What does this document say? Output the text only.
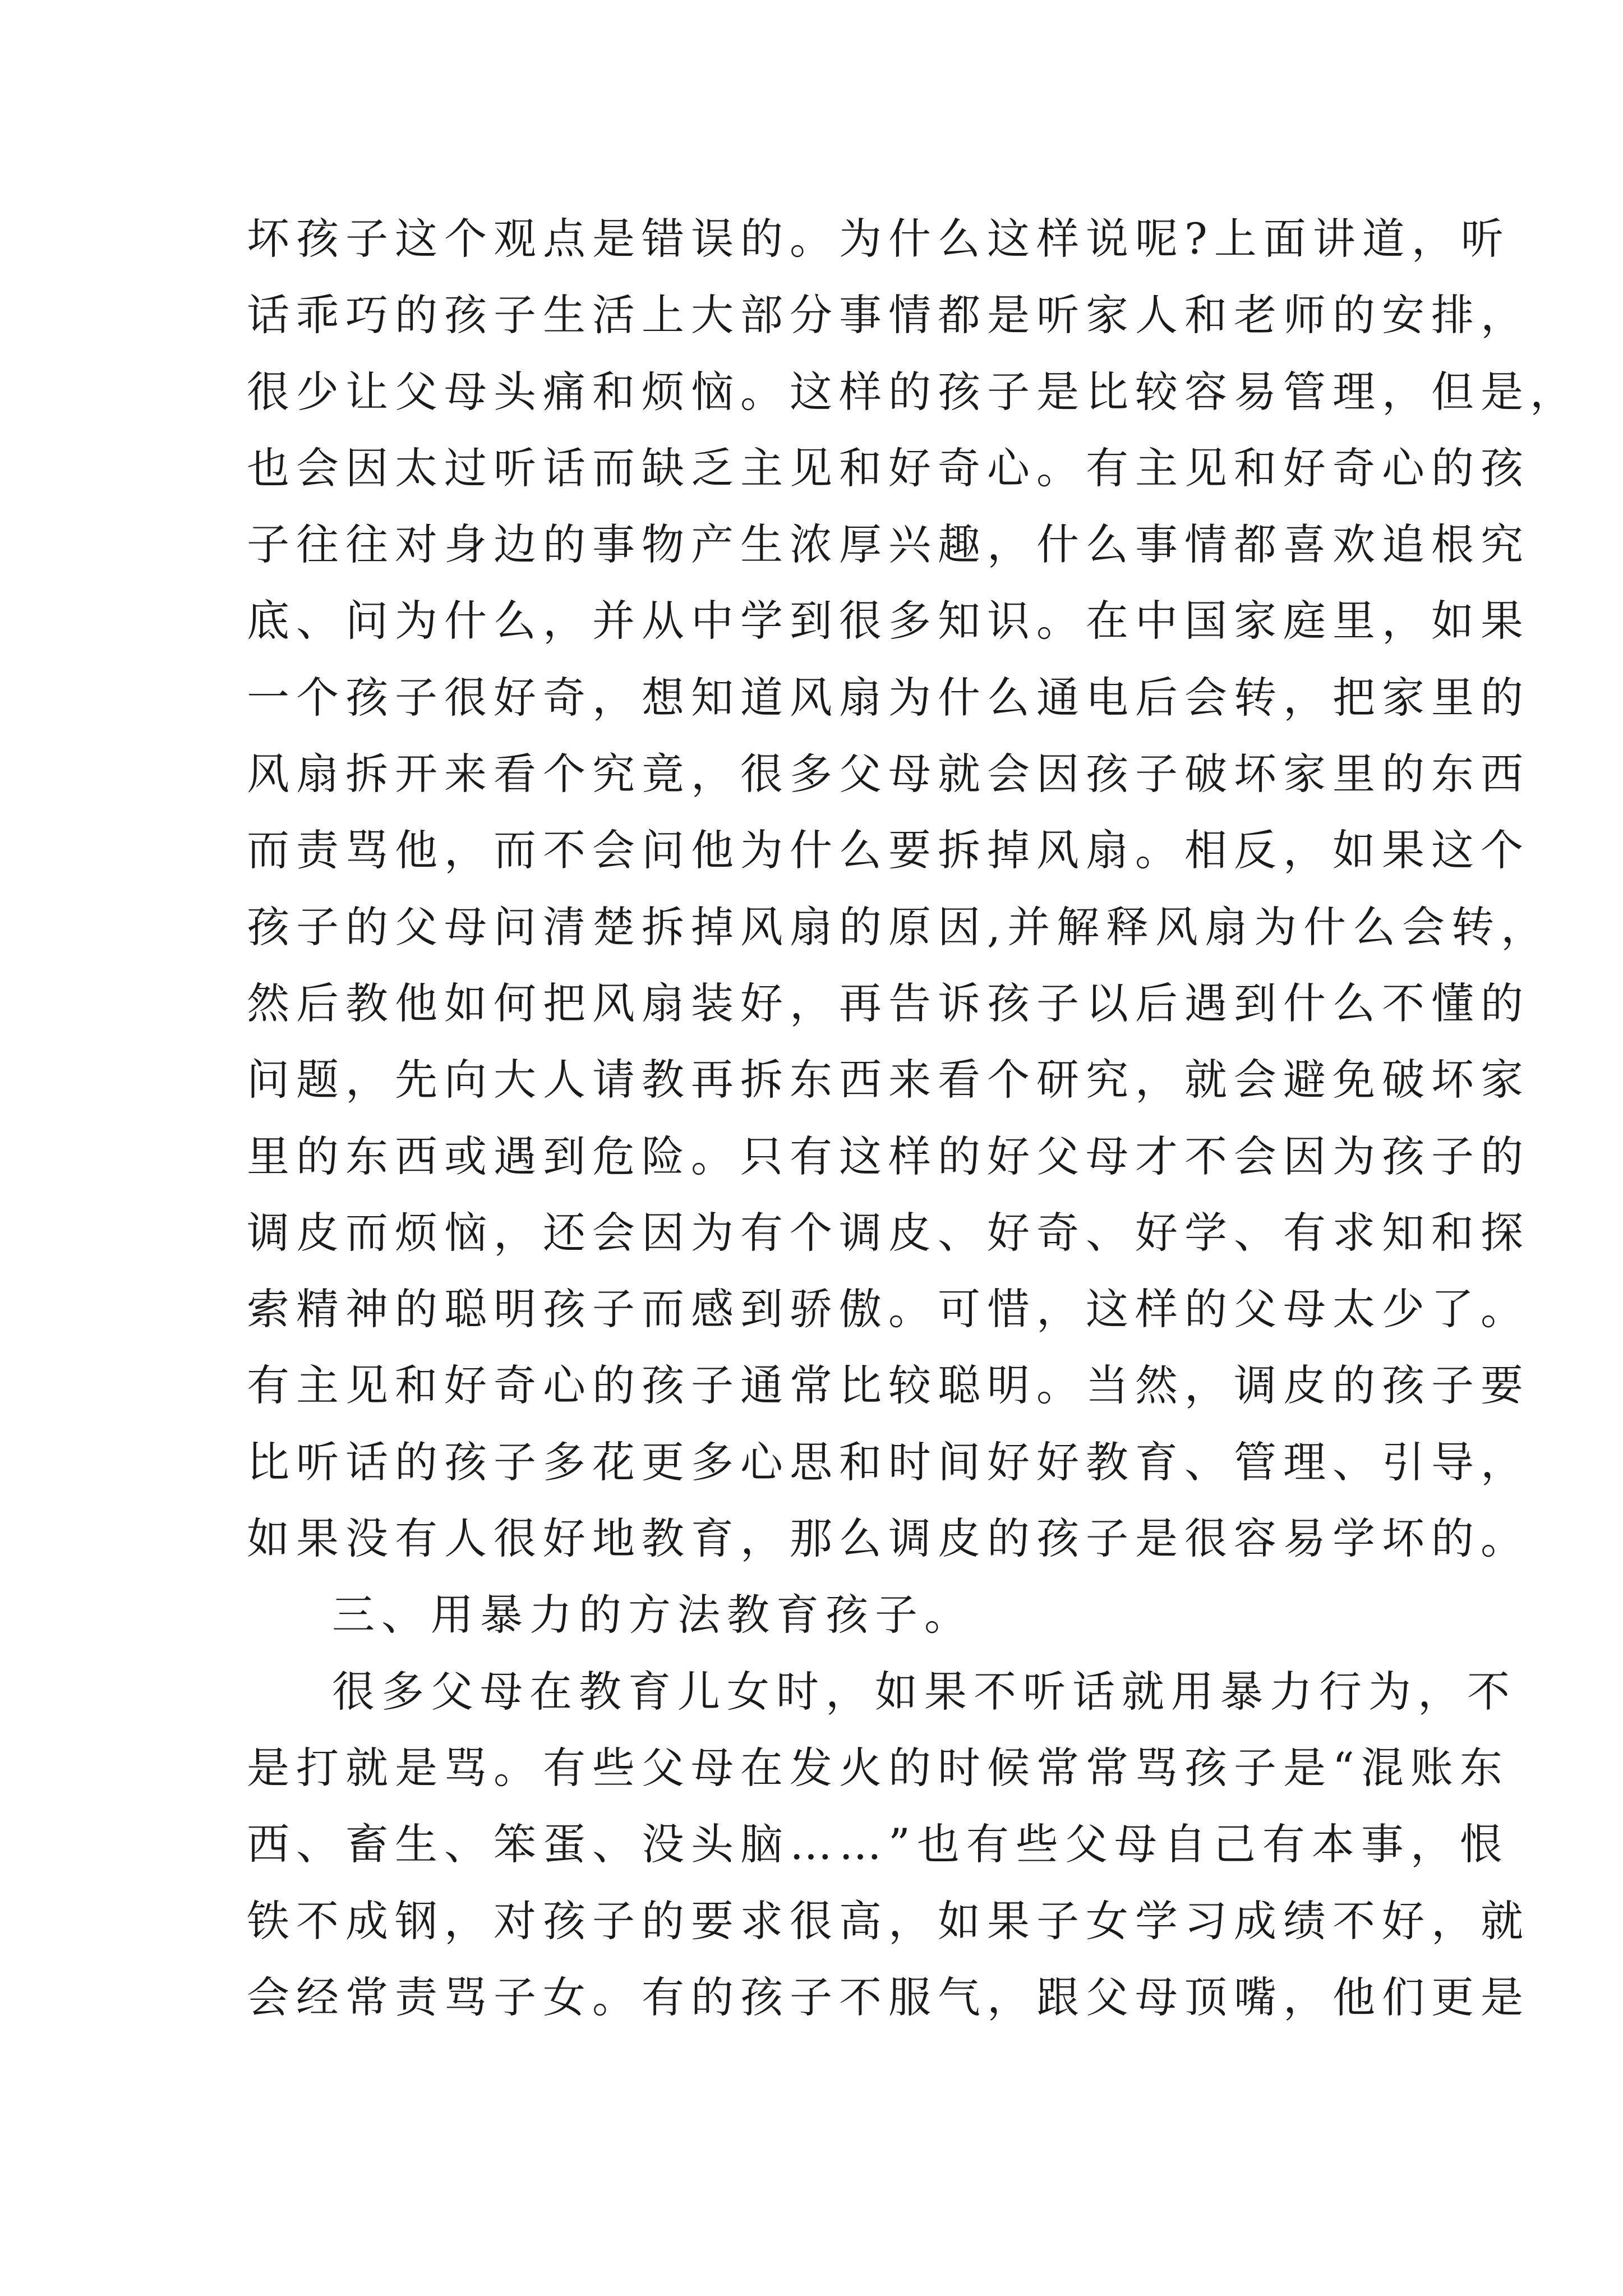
坏孩子这个观点是错误的。为什么这样说呢?上面讲道，听
话乖巧的孩子生活上大部分事情都是听家人和老师的安排，
很少让父母头痛和烦恼。这样的孩子是比较容易管理，但是，
也会因太过听话而缺乏主见和好奇心。有主见和好奇心的孩
子往往对身边的事物产生浓厚兴趣，什么事情都喜欢追根究
底、问为什么，并从中学到很多知识。在中国家庭里，如果
一个孩子很好奇，想知道风扇为什么通电后会转，把家里的
风扇拆开来看个究竟，很多父母就会因孩子破坏家里的东西
而责骂他，而不会问他为什么要拆掉风扇。相反，如果这个
孩子的父母问清楚拆掉风扇的原因,并解释风扇为什么会转，
然后教他如何把风扇装好，再告诉孩子以后遇到什么不懂的
问题，先向大人请教再拆东西来看个研究，就会避免破坏家
里的东西或遇到危险。只有这样的好父母才不会因为孩子的
调皮而烦恼，还会因为有个调皮、好奇、好学、有求知和探
索精神的聪明孩子而感到骄傲。可惜，这样的父母太少了。
有主见和好奇心的孩子通常比较聪明。当然，调皮的孩子要
比听话的孩子多花更多心思和时间好好教育、管理、引导，
如果没有人很好地教育，那么调皮的孩子是很容易学坏的。
三、用暴力的方法教育孩子。
很多父母在教育儿女时，如果不听话就用暴力行为，不
是打就是骂。有些父母在发火的时候常常骂孩子是“混账东
西、畜生、笨蛋、没头脑……”也有些父母自己有本事，恨
铁不成钢，对孩子的要求很高，如果子女学习成绩不好，就
会经常责骂子女。有的孩子不服气，跟父母顶嘴，他们更是
